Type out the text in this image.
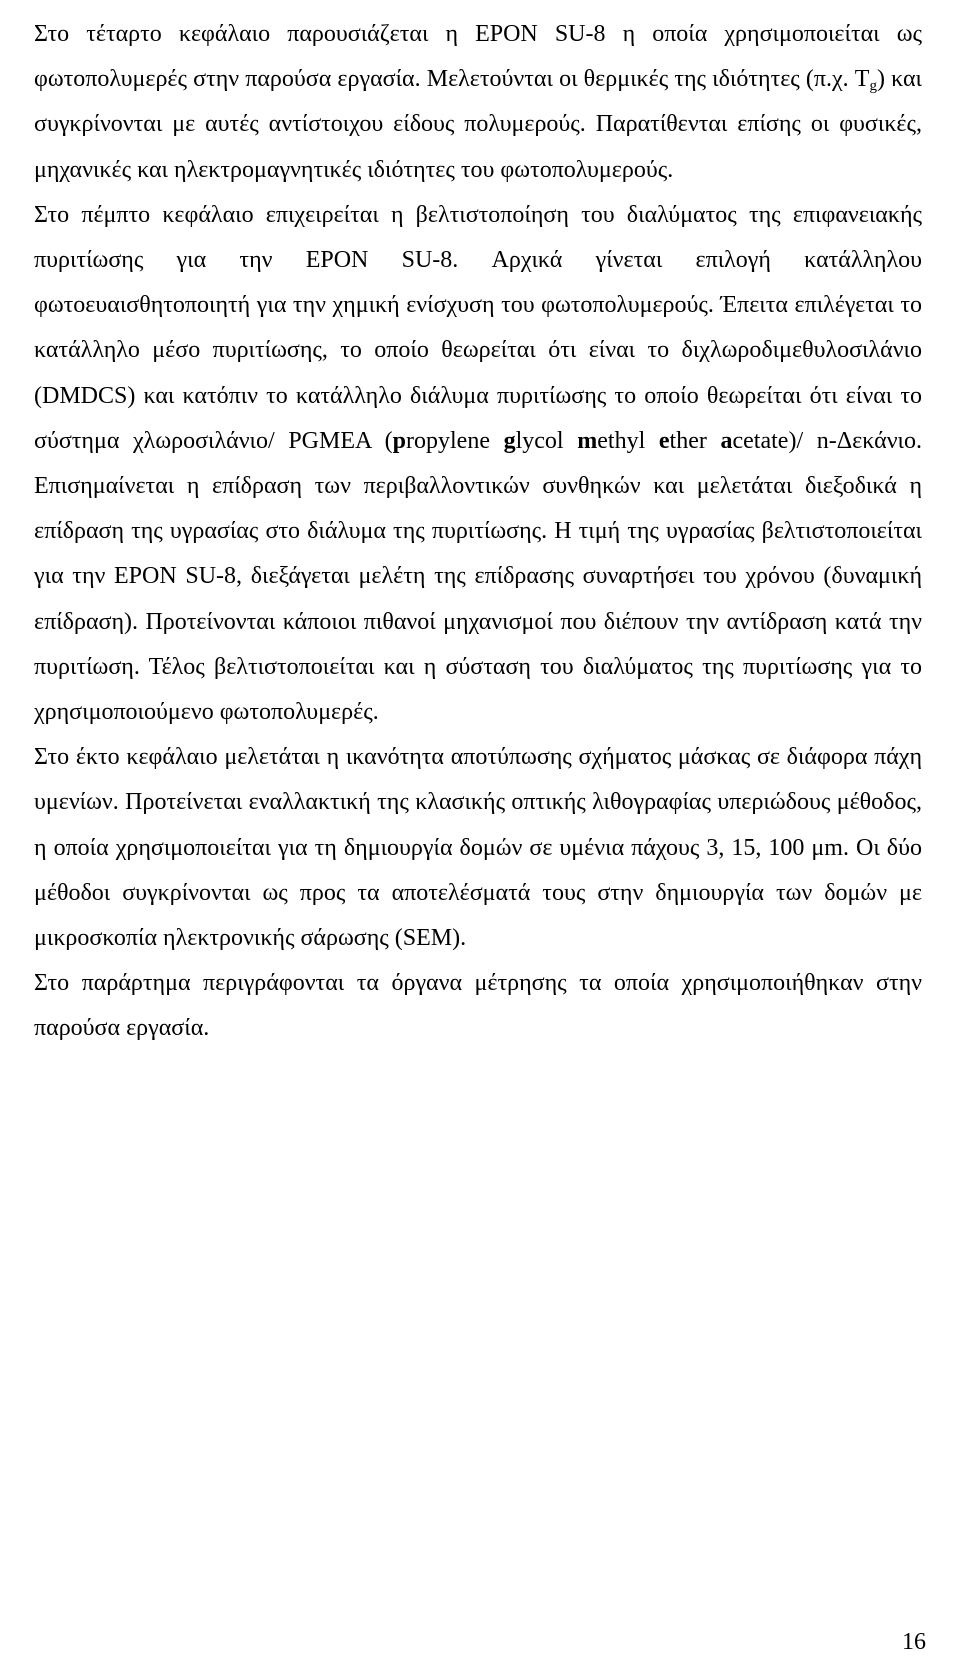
Στο τέταρτο κεφάλαιο παρουσιάζεται η EPON SU-8 η οποία χρησιμοποιείται ως φωτοπολυμερές στην παρούσα εργασία. Μελετούνται οι θερμικές της ιδιότητες (π.χ. $T_g$) και συγκρίνονται με αυτές αντίστοιχου είδους πολυμερούς. Παρατίθενται επίσης οι φυσικές, μηχανικές και ηλεκτρομαγνητικές ιδιότητες του φωτοπολυμερούς.

Στο πέμπτο κεφάλαιο επιχειρείται η βελτιστοποίηση του διαλύματος της επιφανειακής πυριτίωσης για την EPON SU-8. Αρχικά γίνεται επιλογή κατάλληλου φωτοευαισθητοποιητή για την χημική ενίσχυση του φωτοπολυμερούς. Έπειτα επιλέγεται το κατάλληλο μέσο πυριτίωσης, το οποίο θεωρείται ότι είναι το διχλωροδιμεθυλοσιλάνιο (DMDCS) και κατόπιν το κατάλληλο διάλυμα πυριτίωσης το οποίο θεωρείται ότι είναι το σύστημα χλωροσιλάνιο/ PGMEA (propylene glycol methyl ether acetate)/ n-Δεκάνιο. Επισημαίνεται η επίδραση των περιβαλλοντικών συνθηκών και μελετάται διεξοδικά η επίδραση της υγρασίας στο διάλυμα της πυριτίωσης. Η τιμή της υγρασίας βελτιστοποιείται για την EPON SU-8, διεξάγεται μελέτη της επίδρασης συναρτήσει του χρόνου (δυναμική επίδραση). Προτείνονται κάποιοι πιθανοί μηχανισμοί που διέπουν την αντίδραση κατά την πυριτίωση. Τέλος βελτιστοποιείται και η σύσταση του διαλύματος της πυριτίωσης για το χρησιμοποιούμενο φωτοπολυμερές.

Στο έκτο κεφάλαιο μελετάται η ικανότητα αποτύπωσης σχήματος μάσκας σε διάφορα πάχη υμενίων. Προτείνεται εναλλακτική της κλασικής οπτικής λιθογραφίας υπεριώδους μέθοδος, η οποία χρησιμοποιείται για τη δημιουργία δομών σε υμένια πάχους 3, 15, 100 μm. Οι δύο μέθοδοι συγκρίνονται ως προς τα αποτελέσματά τους στην δημιουργία των δομών με μικροσκοπία ηλεκτρονικής σάρωσης (SEM).

Στο παράρτημα περιγράφονται τα όργανα μέτρησης τα οποία χρησιμοποιήθηκαν στην παρούσα εργασία.

16
